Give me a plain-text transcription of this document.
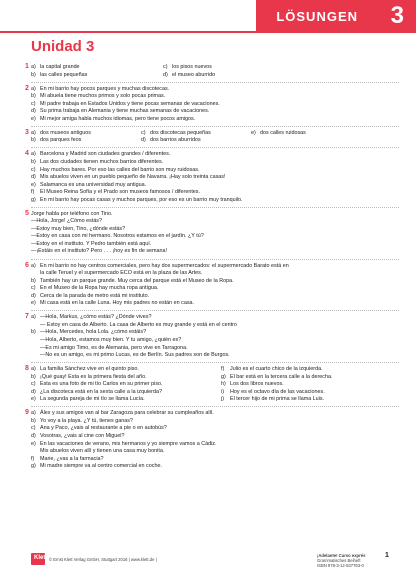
LÖSUNGEN 3
Unidad 3
1 a) la capital grande	c) los pisos nuevos
b) las calles pequeñas	d) el museo aburrido
2 a) En mi barrio hay pocos parques y muchas discotecas.
b) Mi abuela tiene muchos primos y solo pocas primas.
c) Mi padre trabaja en Estados Unidos y tiene pocas semanas de vacaciones.
d) Su prima trabaja en Alemania y tiene muchas semanas de vacaciones.
e) Mi mejor amiga habla muchos idiomas, pero tiene pocos amigos.
3 a) dos museos antiguos	c) dos discotecas pequeñas	e) dos calles ruidosas
b) dos parques feos	d) dos barrios aburridos
4 a) Barcelona y Madrid son ciudades grandes / diferentes.
b) Las dos ciudades tienen muchos barrios diferentes.
c) Hay muchos bares. Por eso las calles del barrio son muy ruidosas.
d) Mis abuelos viven en un pueblo pequeño de Navarra. ¡Hay solo treinta casas!
e) Salamanca es una universidad muy antigua.
f) El Museo Reina Sofía y el Prado son museos famosos / diferentes.
g) En mi barrio hay pocas casas y muchos parques, por eso es un barrio muy tranquilo.
5 Jorge habla por teléfono con Tino.
—Hola, Jorge! ¿Cómo estás?
—Estoy muy bien, Tino, ¿dónde estás?
—Estoy en casa con mi hermano. Nosotros estamos en el jardín. ¿Y tú?
—Estoy en el instituto. Y Pedro también está aquí.
—¡Estáis en el instituto? Pero . . . ¡hoy es fin de semana!
6 a) En mi barrio no hay centros comerciales, pero hay dos supermercados: el supermercado Barato está en
la calle Teruel y el supermercado ECO está en la plaza de las Artes.
b) También hay un parque grande. Muy cerca del parque está el Museo de la Ropa.
c) En el Museo de la Ropa hay mucha ropa antigua.
d) Cerca de la parada de metro está mi instituto.
e) Mi casa está en la calle Luna. Hoy mis padres no están en casa.
7 a) —Hola, Markus, ¿cómo estás? ¿Dónde vives?
— Estoy en casa de Alberto. La casa de Alberto es muy grande y está en el centro
b) —Hola, Mercedes, hola Lola. ¿cómo estáis?
—Hola, Alberto, estamos muy bien. Y tu amigo, ¿quién es?
—Es mi amigo Timo, es de Alemania, pero vive en Tarragona.
—No es un amigo, es mi primo Lucas, es de Berlín. Sus padres son de Burgos.
8 a) La familia Sánchez vive en el quinto piso.
b) ¡Qué guay! Esta es la primera fiesta del año.
c) Esta es una foto de mi tío Carlos en su primer piso.
d) ¿La discoteca está en la sexta calle a la izquierda?
e) La segunda pareja de mi tío se llama Lucía.
f) Julio es el cuarto chico de la izquierda.
g) El bar está en la tercera calle a la derecha.
h) Los dos libros nuevos.
i) Hoy es el octavo día de las vacaciones.
j) El tercer hijo de mi prima se llama Luis.
9 a) Álex y sus amigos van al bar Zaragoza para celebrar su cumpleaños allí.
b) Yo voy a la playa. ¿Y tú, tienes ganas?
c) Ana y Paco, ¿vais al restaurante a pie o en autobús?
d) Vosotras, ¿vais al cine con Miguel?
e) En las vacaciones de verano, mis hermanos y yo siempre vamos a Cádiz.
Mis abuelos viven allí y tienen una casa muy bonita.
f) Marie, ¿vas a la farmacia?
g) Mi madre siempre va al centro comercial en coche.
Klett © Ernst Klett Verlag GmbH, Stuttgart 2016 | www.klett.de |
¡Adelante! Curso exprés
Grammatisches Beiheft
ISBN 978-3-12-537763-0
1
